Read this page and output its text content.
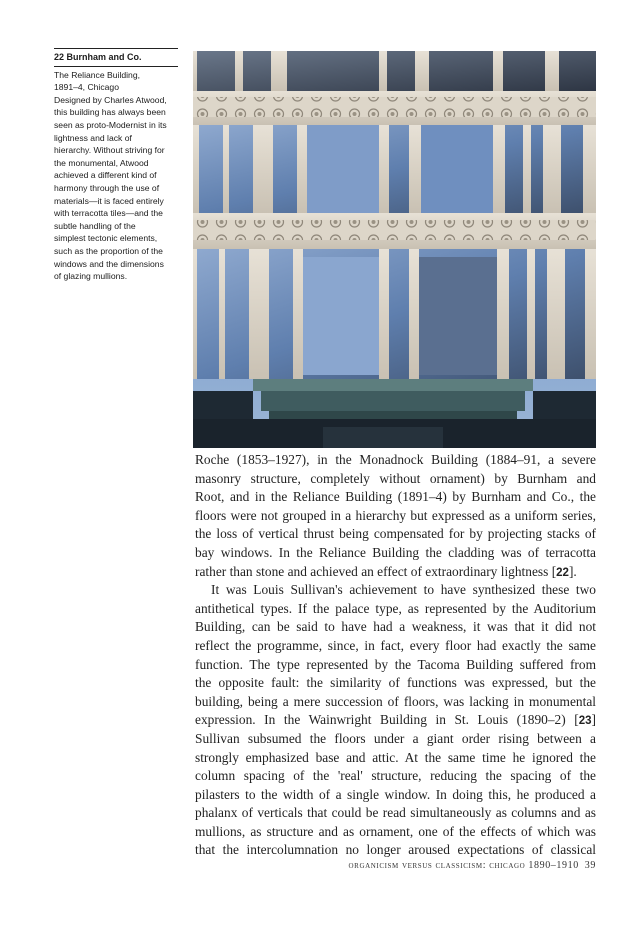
22 Burnham and Co.
The Reliance Building,
1891–4, Chicago
Designed by Charles Atwood,
this building has always been
seen as proto-Modernist in its
lightness and lack of
hierarchy. Without striving for
the monumental, Atwood
achieved a different kind of
harmony through the use of
materials—it is faced entirely
with terracotta tiles—and the
subtle handling of the
simplest tectonic elements,
such as the proportion of the
windows and the dimensions
of glazing mullions.
Roche (1853–1927), in the Monadnock Building (1884–91, a severe
masonry structure, completely without ornament) by Burnham and
Root, and in the Reliance Building (1891–4) by Burnham and Co., the
floors were not grouped in a hierarchy but expressed as a uniform series,
the loss of vertical thrust being compensated for by projecting stacks of
bay windows. In the Reliance Building the cladding was of terracotta
rather than stone and achieved an effect of extraordinary lightness [22].
It was Louis Sullivan's achievement to have synthesized these two
antithetical types. If the palace type, as represented by the Auditorium
Building, can be said to have had a weakness, it was that it did not
reflect the programme, since, in fact, every floor had exactly the same
function. The type represented by the Tacoma Building suffered from
the opposite fault: the similarity of functions was expressed, but the
building, being a mere succession of floors, was lacking in monumental
expression. In the Wainwright Building in St. Louis (1890–2) [23]
Sullivan subsumed the floors under a giant order rising between a
strongly emphasized base and attic. At the same time he ignored the
column spacing of the 'real' structure, reducing the spacing of the
pilasters to the width of a single window. In doing this, he produced a
phalanx of verticals that could be read simultaneously as columns and as
mullions, as structure and as ornament, one of the effects of which was
that the intercolumnation no longer aroused expectations of classical
organicism versus classicism: chicago 1890–1910 39
